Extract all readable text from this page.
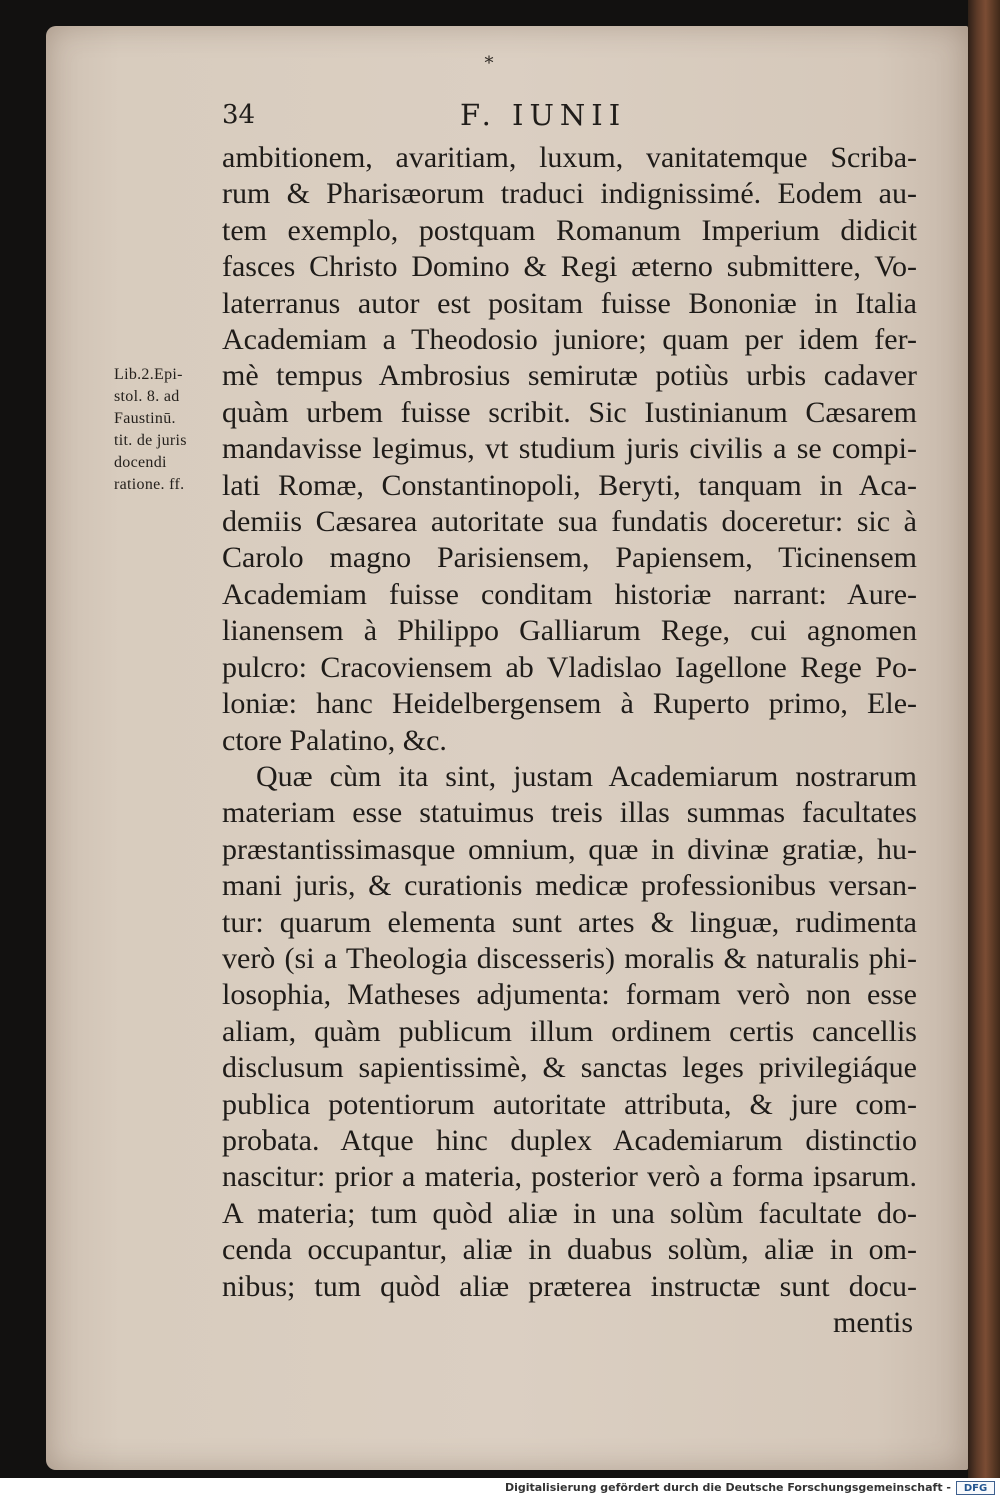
*
34	F. IUNII
Lib.2.Epi-
stol. 8. ad
Faustinū.
tit. de juris
docendi
ratione. ff.
ambitionem, avaritiam, luxum, vanitatemque Scriba-
rum & Pharisæorum traduci indignissimé. Eodem au-
tem exemplo, postquam Romanum Imperium didicit
fasces Christo Domino & Regi æterno submittere, Vo-
laterranus autor est positam fuisse Bononiæ in Italia
Academiam a Theodosio juniore; quam per idem fer-
mè tempus Ambrosius semirutæ potiùs urbis cadaver
quàm urbem fuisse scribit. Sic Iustinianum Cæsarem
mandavisse legimus, vt studium juris civilis a se compi-
lati Romæ, Constantinopoli, Beryti, tanquam in Aca-
demiis Cæsarea autoritate sua fundatis doceretur: sic à
Carolo magno Parisiensem, Papiensem, Ticinensem
Academiam fuisse conditam historiæ narrant: Aure-
lianensem à Philippo Galliarum Rege, cui agnomen
pulcro: Cracoviensem ab Vladislao Iagellone Rege Po-
loniæ: hanc Heidelbergensem à Ruperto primo, Ele-
ctore Palatino, &c.
Quæ cùm ita sint, justam Academiarum nostrarum
materiam esse statuimus treis illas summas facultates
præstantissimasque omnium, quæ in divinæ gratiæ, hu-
mani juris, & curationis medicæ professionibus versan-
tur: quarum elementa sunt artes & linguæ, rudimenta
verò (si a Theologia discesseris) moralis & naturalis phi-
losophia, Matheses adjumenta: formam verò non esse
aliam, quàm publicum illum ordinem certis cancellis
disclusum sapientissimè, & sanctas leges privilegiáque
publica potentiorum autoritate attributa, & jure com-
probata. Atque hinc duplex Academiarum distinctio
nascitur: prior a materia, posterior verò a forma ipsarum.
A materia; tum quòd aliæ in una solùm facultate do-
cenda occupantur, aliæ in duabus solùm, aliæ in om-
nibus; tum quòd aliæ præterea instructæ sunt docu-
mentis
Digitalisierung gefördert durch die Deutsche Forschungsgemeinschaft -	DFG
